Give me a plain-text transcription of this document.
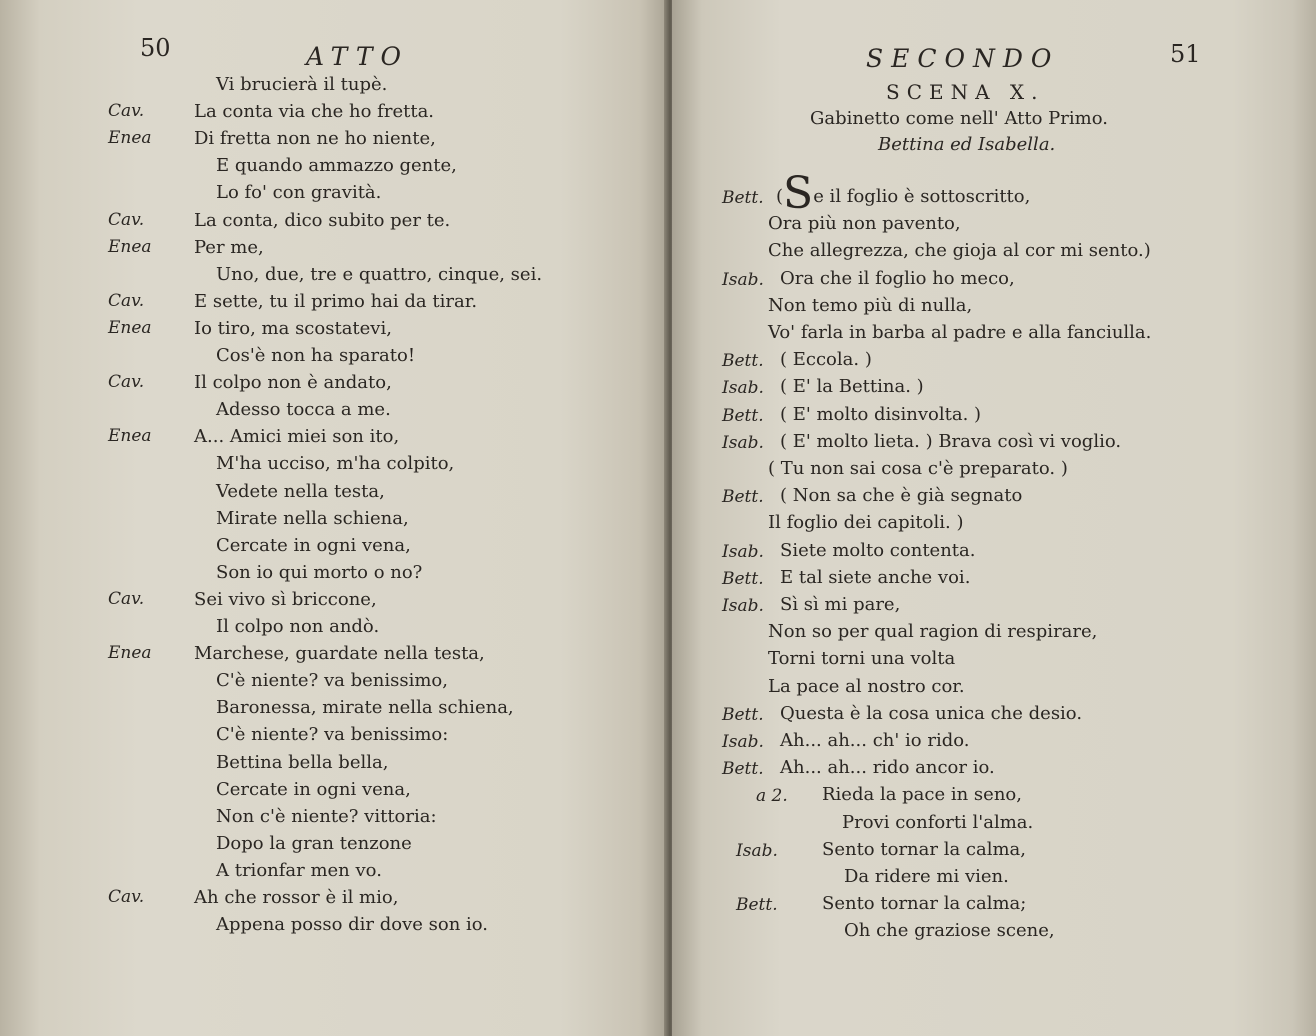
50	ATTO
Vi brucierà il tupè.
Cav.	La conta via che ho fretta.
Enea Di fretta non ne ho niente,
E quando ammazzo gente,
Lo fo' con gravità.
Cav.	La conta, dico subito per te.
Enea Per me,
Uno, due, tre e quattro, cinque, sei.
Cav.	E sette, tu il primo hai da tirar.
Enea Io tiro, ma scostatevi,
Cos'è non ha sparato!
Cav.	Il colpo non è andato,
Adesso tocca a me.
Enea A... Amici miei son ito,
M'ha ucciso, m'ha colpito,
Vedete nella testa,
Mirate nella schiena,
Cercate in ogni vena,
Son io qui morto o no?
Cav.	Sei vivo sì briccone,
Il colpo non andò.
Enea Marchese, guardate nella testa,
C'è niente? va benissimo,
Baronessa, mirate nella schiena,
C'è niente? va benissimo:
Bettina bella bella,
Cercate in ogni vena,
Non c'è niente? vittoria:
Dopo la gran tenzone
A trionfar men vo.
Cav.	Ah che rossor è il mio,
Appena posso dir dove son io.
SECONDO	51
SCENA X.
Gabinetto come nell' Atto Primo.
Bettina ed Isabella.
Bett. (Se il foglio è sottoscritto,
Ora più non pavento,
Che allegrezza, che gioja al cor mi sento.)
Isab. Ora che il foglio ho meco,
Non temo più di nulla,
Vo' farla in barba al padre e alla fanciulla.
Bett. ( Eccola. )
Isab. ( E' la Bettina. )
Bett. ( E' molto disinvolta. )
Isab. ( E' molto lieta. ) Brava così vi voglio.
( Tu non sai cosa c'è preparato. )
Bett. ( Non sa che è già segnato
Il foglio dei capitoli. )
Isab. Siete molto contenta.
Bett. E tal siete anche voi.
Isab. Sì sì mi pare,
Non so per qual ragion di respirare,
Torni torni una volta
La pace al nostro cor.
Bett. Questa è la cosa unica che desio.
Isab. Ah... ah... ch' io rido.
Bett. Ah... ah... rido ancor io.
a 2. Rieda la pace in seno,
Provi conforti l'alma.
Isab. Sento tornar la calma,
Da ridere mi vien.
Bett. Sento tornar la calma;
Oh che graziose scene,
